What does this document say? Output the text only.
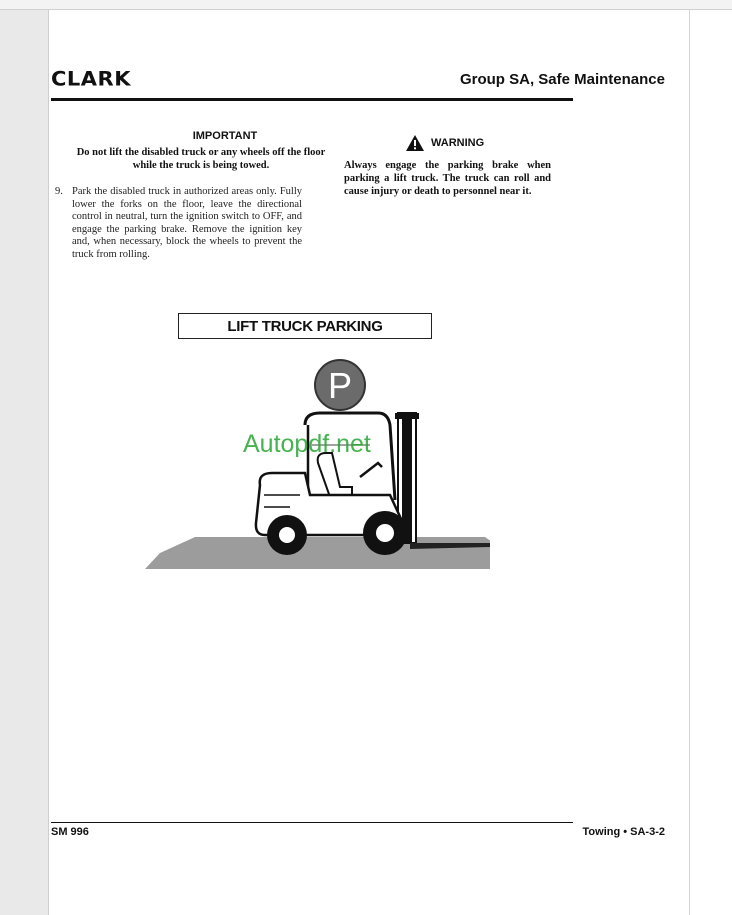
CLARK	Group SA, Safe Maintenance
IMPORTANT
Do not lift the disabled truck or any wheels off the floor while the truck is being towed.
9. Park the disabled truck in authorized areas only. Fully lower the forks on the floor, leave the directional control in neutral, turn the ignition switch to OFF, and engage the parking brake. Remove the ignition key and, when necessary, block the wheels to prevent the truck from rolling.
WARNING
Always engage the parking brake when parking a lift truck. The truck can roll and cause injury or death to personnel near it.
LIFT TRUCK PARKING
P
Autopdf.net
SM 996	Towing • SA-3-2
